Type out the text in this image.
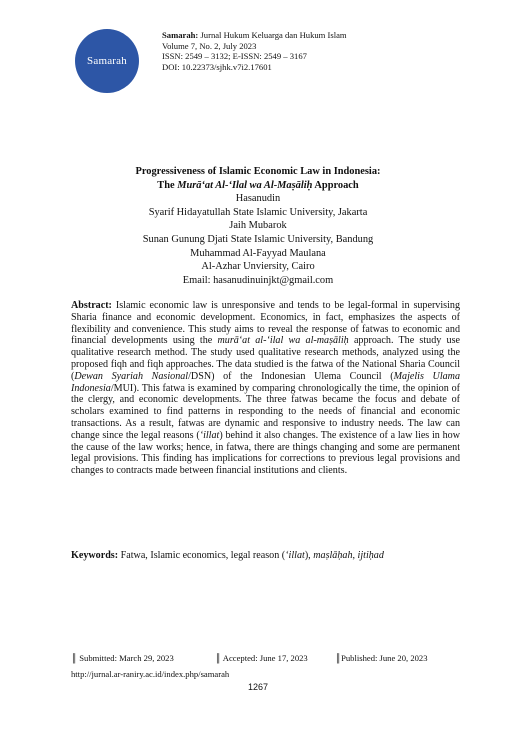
Samarah
Samarah: Jurnal Hukum Keluarga dan Hukum Islam
Volume 7, No. 2, July 2023
ISSN: 2549 – 3132; E-ISSN: 2549 – 3167
DOI: 10.22373/sjhk.v7i2.17601
Progressiveness of Islamic Economic Law in Indonesia:
The Murā‘at Al-‘Ilal wa Al-Maṣāliḥ Approach
Hasanudin
Syarif Hidayatullah State Islamic University, Jakarta
Jaih Mubarok
Sunan Gunung Djati State Islamic University, Bandung
Muhammad Al-Fayyad Maulana
Al-Azhar Unviersity, Cairo
Email: hasanudinuinjkt@gmail.com
Abstract: Islamic economic law is unresponsive and tends to be legal-formal in supervising Sharia finance and economic development. Economics, in fact, emphasizes the aspects of flexibility and convenience. This study aims to reveal the response of fatwas to economic and financial developments using the murā‘at al-‘ilal wa al-maṣāliḥ approach. The study use qualitative research method. The study used qualitative research methods, analyzed using the proposed fiqh and fiqh approaches. The data studied is the fatwa of the National Sharia Council (Dewan Syariah Nasional/DSN) of the Indonesian Ulema Council (Majelis Ulama Indonesia/MUI). This fatwa is examined by comparing chronologically the time, the opinion of the clergy, and economic developments. The three fatwas became the focus and debate of scholars examined to find patterns in responding to the needs of financial and economic transactions. As a result, fatwas are dynamic and responsive to industry needs. The law can change since the legal reasons (‘illat) behind it also changes. The existence of a law lies in how the cause of the law works; hence, in fatwa, there are things changing and some are permanent legal provisions. This finding has implications for corrections to previous legal provisions and changes to contracts made between financial institutions and clients.
Keywords: Fatwa, Islamic economics, legal reason (‘illat), maṣlāḥah, ijtiḥad
║ Submitted: March 29, 2023	║ Accepted: June 17, 2023	║Published: June 20, 2023
http://jurnal.ar-raniry.ac.id/index.php/samarah
1267
